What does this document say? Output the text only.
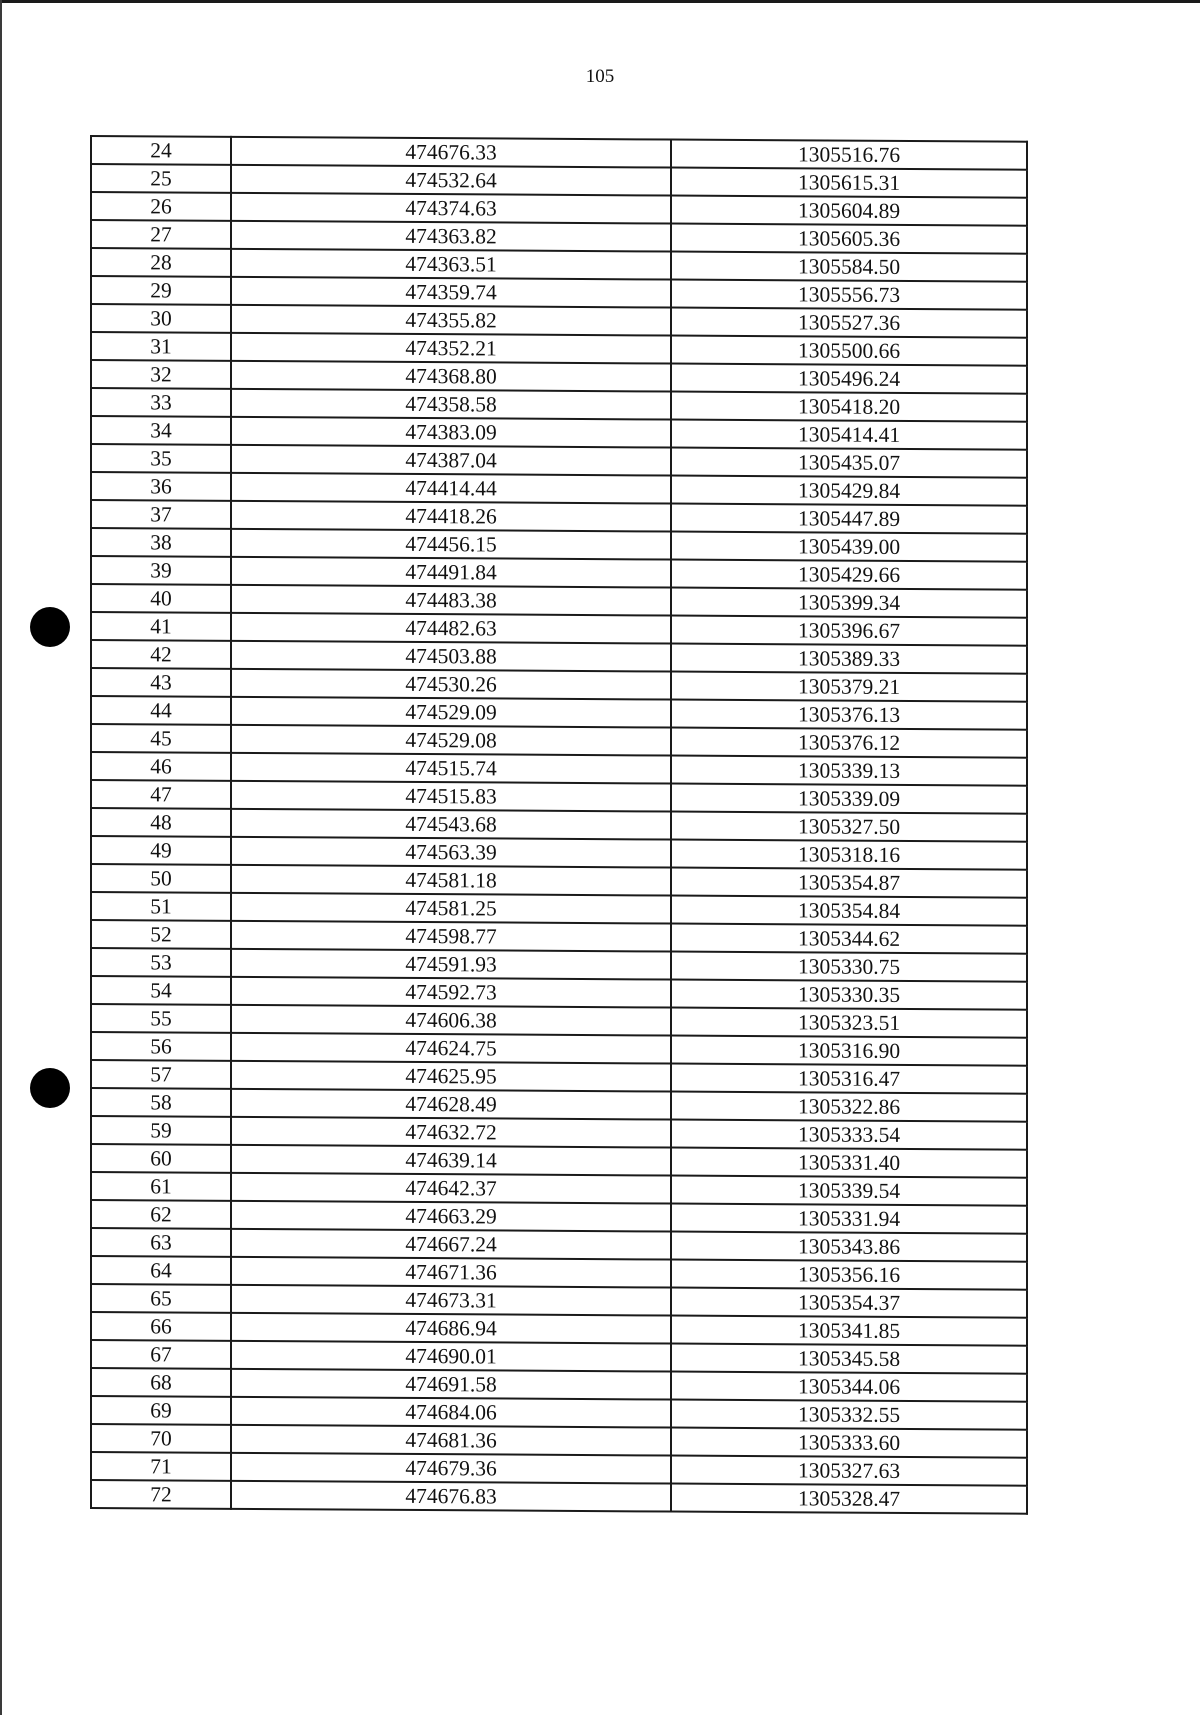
105
24	474676.33	1305516.76
25	474532.64	1305615.31
26	474374.63	1305604.89
27	474363.82	1305605.36
28	474363.51	1305584.50
29	474359.74	1305556.73
30	474355.82	1305527.36
31	474352.21	1305500.66
32	474368.80	1305496.24
33	474358.58	1305418.20
34	474383.09	1305414.41
35	474387.04	1305435.07
36	474414.44	1305429.84
37	474418.26	1305447.89
38	474456.15	1305439.00
39	474491.84	1305429.66
40	474483.38	1305399.34
41	474482.63	1305396.67
42	474503.88	1305389.33
43	474530.26	1305379.21
44	474529.09	1305376.13
45	474529.08	1305376.12
46	474515.74	1305339.13
47	474515.83	1305339.09
48	474543.68	1305327.50
49	474563.39	1305318.16
50	474581.18	1305354.87
51	474581.25	1305354.84
52	474598.77	1305344.62
53	474591.93	1305330.75
54	474592.73	1305330.35
55	474606.38	1305323.51
56	474624.75	1305316.90
57	474625.95	1305316.47
58	474628.49	1305322.86
59	474632.72	1305333.54
60	474639.14	1305331.40
61	474642.37	1305339.54
62	474663.29	1305331.94
63	474667.24	1305343.86
64	474671.36	1305356.16
65	474673.31	1305354.37
66	474686.94	1305341.85
67	474690.01	1305345.58
68	474691.58	1305344.06
69	474684.06	1305332.55
70	474681.36	1305333.60
71	474679.36	1305327.63
72	474676.83	1305328.47
